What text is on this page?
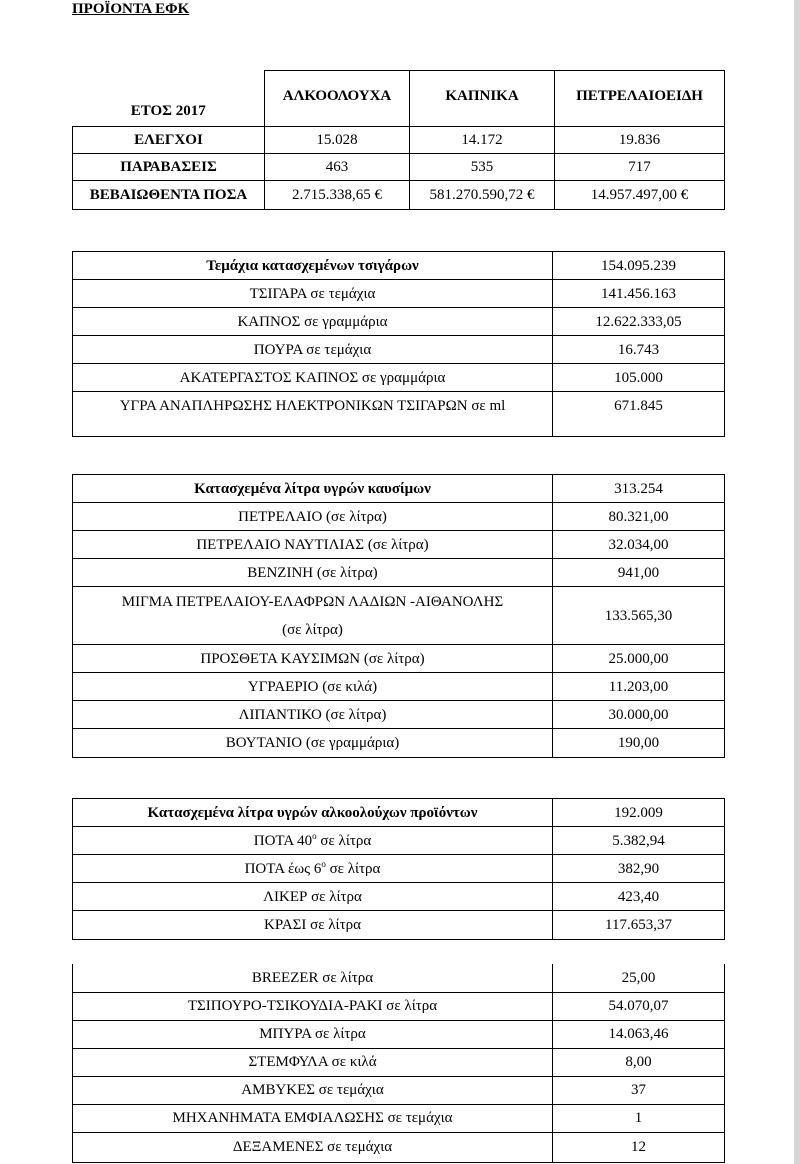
ΠΡΟΪΟΝΤΑ ΕΦΚ
ΕΤΟΣ 2017	ΑΛΚΟΟΛΟΥΧΑ	ΚΑΠΝΙΚΑ	ΠΕΤΡΕΛΑΙΟΕΙΔΗ
ΕΛΕΓΧΟΙ	15.028	14.172	19.836
ΠΑΡΑΒΑΣΕΙΣ	463	535	717
ΒΕΒΑΙΩΘΕΝΤΑ ΠΟΣΑ	2.715.338,65 €	581.270.590,72 €	14.957.497,00 €
Τεμάχια κατασχεμένων τσιγάρων	154.095.239
ΤΣΙΓΑΡΑ σε τεμάχια	141.456.163
ΚΑΠΝΟΣ σε γραμμάρια	12.622.333,05
ΠΟΥΡΑ σε τεμάχια	16.743
ΑΚΑΤΕΡΓΑΣΤΟΣ ΚΑΠΝΟΣ σε γραμμάρια	105.000
ΥΓΡΑ ΑΝΑΠΛΗΡΩΣΗΣ ΗΛΕΚΤΡΟΝΙΚΩΝ ΤΣΙΓΑΡΩΝ σε ml	671.845
Κατασχεμένα λίτρα υγρών καυσίμων	313.254
ΠΕΤΡΕΛΑΙΟ (σε λίτρα)	80.321,00
ΠΕΤΡΕΛΑΙΟ ΝΑΥΤΙΛΙΑΣ (σε λίτρα)	32.034,00
ΒΕΝΖΙΝΗ (σε λίτρα)	941,00

ΜΙΓΜΑ ΠΕΤΡΕΛΑΙΟΥ-ΕΛΑΦΡΩΝ ΛΑΔΙΩΝ -ΑΙΘΑΝΟΛΗΣ
(σε λίτρα)	133.565,30
ΠΡΟΣΘΕΤΑ ΚΑΥΣΙΜΩΝ (σε λίτρα)	25.000,00
ΥΓΡΑΕΡΙΟ (σε κιλά)	11.203,00
ΛΙΠΑΝΤΙΚΟ (σε λίτρα)	30.000,00
ΒΟΥΤΑΝΙΟ (σε γραμμάρια)	190,00
Κατασχεμένα λίτρα υγρών αλκοολούχων προϊόντων	192.009
ΠΟΤΑ $40^o$ σε λίτρα	5.382,94
ΠΟΤΑ έως $6^o$ σε λίτρα	382,90
ΛΙΚΕΡ σε λίτρα	423,40
ΚΡΑΣΙ σε λίτρα	117.653,37
BREEZER σε λίτρα	25,00
ΤΣΙΠΟΥΡΟ-ΤΣΙΚΟΥΔΙΑ-ΡΑΚΙ σε λίτρα	54.070,07
ΜΠΥΡΑ σε λίτρα	14.063,46
ΣΤΕΜΦΥΛΑ σε κιλά	8,00
ΑΜΒΥΚΕΣ σε τεμάχια	37
ΜΗΧΑΝΗΜΑΤΑ ΕΜΦΙΑΛΩΣΗΣ σε τεμάχια	1
ΔΕΞΑΜΕΝΕΣ σε τεμάχια	12
